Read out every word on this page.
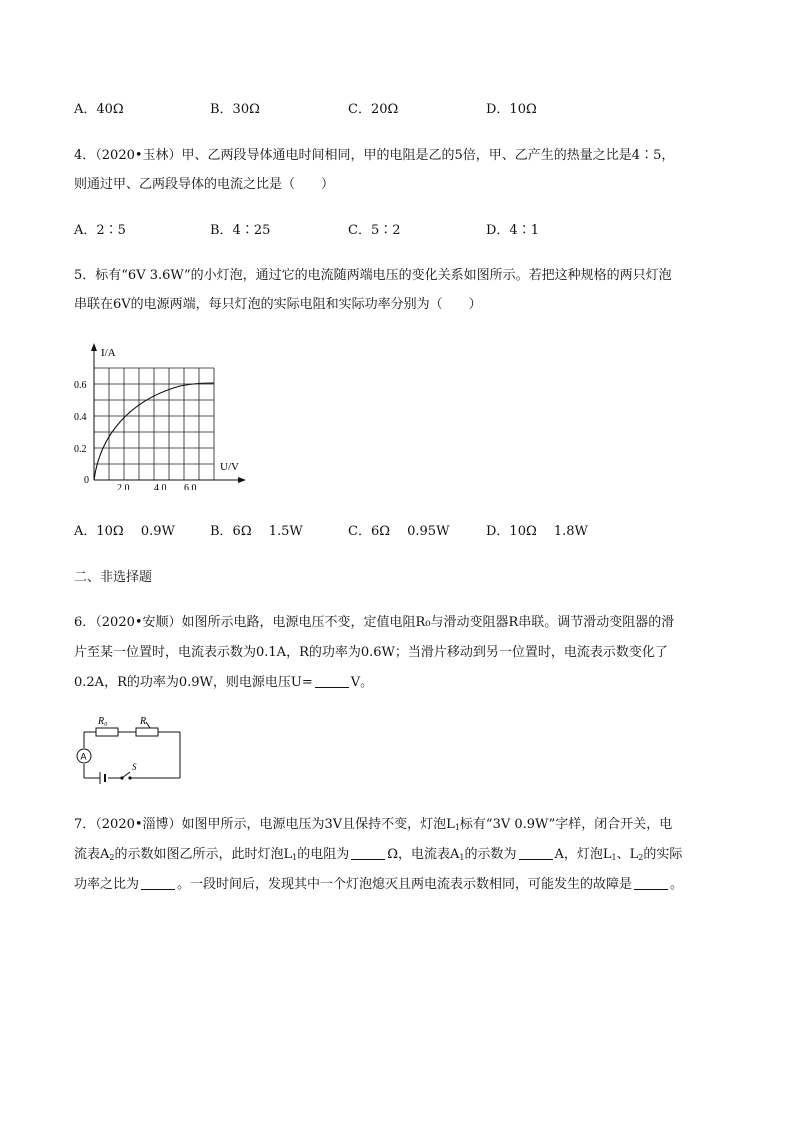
A．40Ω	B．30Ω	C．20Ω	D．10Ω
4．（2020•玉林）甲、乙两段导体通电时间相同，甲的电阻是乙的5倍，甲、乙产生的热量之比是4∶5，
则通过甲、乙两段导体的电流之比是（　　）
A．2∶5	B．4∶25	C．5∶2	D．4∶1
5．标有“6V 3.6W”的小灯泡，通过它的电流随两端电压的变化关系如图所示。若把这种规格的两只灯泡
串联在6V的电源两端，每只灯泡的实际电阻和实际功率分别为（　　）
I/A
U/V
0
0.2
0.4
0.6
2.0 4.0 6.0
A．10Ω　 0.9W	B．6Ω　 1.5W	C．6Ω　 0.95W	D．10Ω　 1.8W
二、非选择题
6．（2020•安顺）如图所示电路，电源电压不变，定值电阻R₀与滑动变阻器R串联。调节滑动变阻器的滑
片至某一位置时，电流表示数为0.1A，R的功率为0.6W；当滑片移动到另一位置时，电流表示数变化了
0.2A，R的功率为0.9W，则电源电压U=	V。
R₀	R
A
S
7．（2020•淄博）如图甲所示，电源电压为3V且保持不变，灯泡$L_1$标有“3V 0.9W”字样，闭合开关，电
流表$A_2$的示数如图乙所示，此时灯泡$L_1$的电阻为	Ω，电流表$A_1$的示数为	A，灯泡$L_1$、$L_2$的实际
功率之比为	。一段时间后，发现其中一个灯泡熄灭且两电流表示数相同，可能发生的故障是	。
